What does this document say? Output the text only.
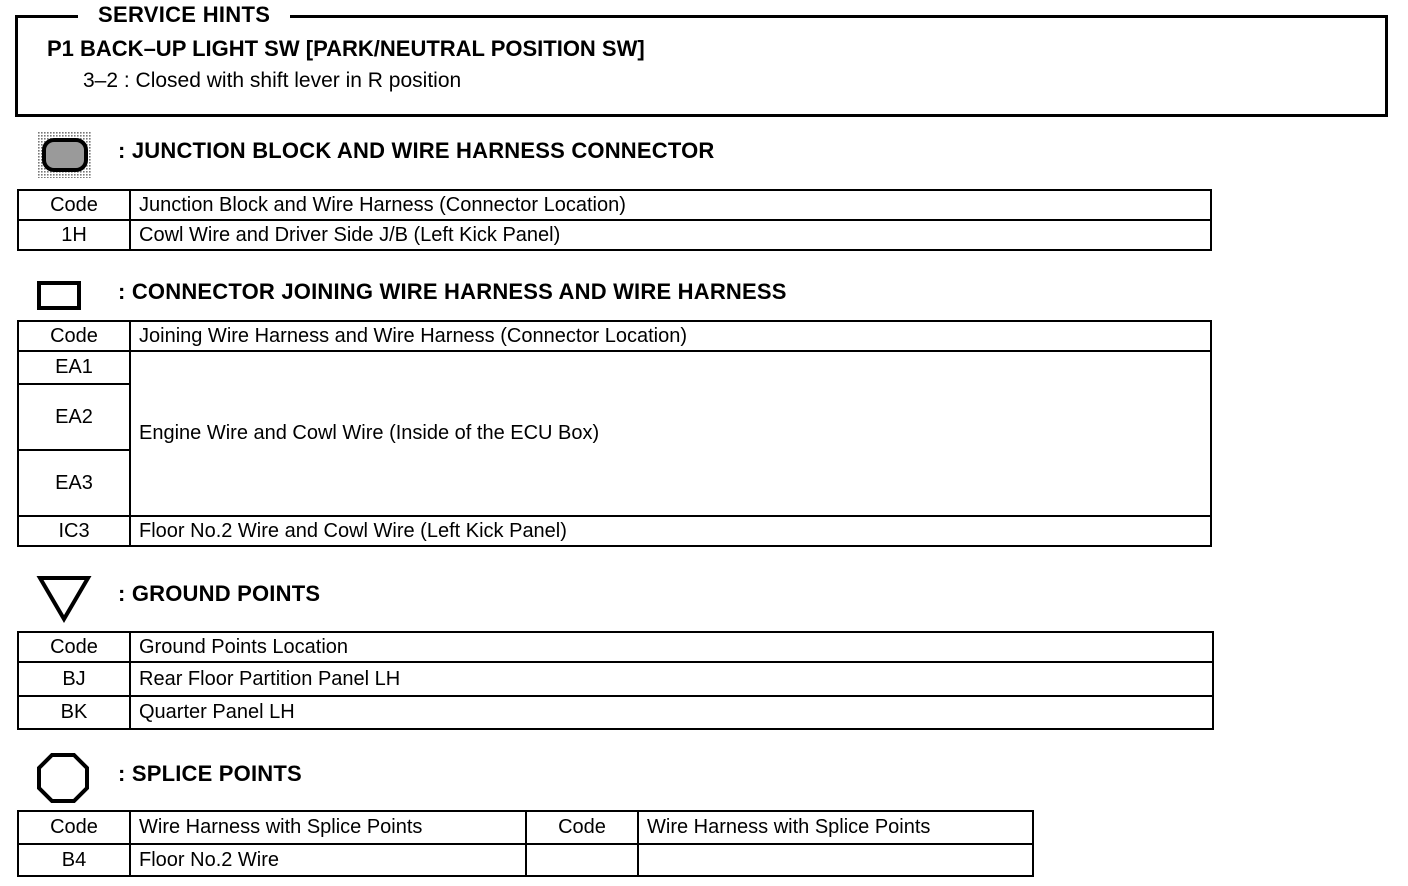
SERVICE HINTS
P1 BACK–UP LIGHT SW [PARK/NEUTRAL POSITION SW]
3–2 : Closed with shift lever in R position
: JUNCTION BLOCK AND WIRE HARNESS CONNECTOR
Code	Junction Block and Wire Harness (Connector Location)
1H	Cowl Wire and Driver Side J/B (Left Kick Panel)
: CONNECTOR JOINING WIRE HARNESS AND WIRE HARNESS
Code	Joining Wire Harness and Wire Harness (Connector Location)
EA1	Engine Wire and Cowl Wire (Inside of the ECU Box)
EA2	
EA3	
IC3	Floor No.2 Wire and Cowl Wire (Left Kick Panel)
: GROUND POINTS
Code	Ground Points Location
BJ	Rear Floor Partition Panel LH
BK	Quarter Panel LH
: SPLICE POINTS
Code	Wire Harness with Splice Points	Code	Wire Harness with Splice Points
B4	Floor No.2 Wire		
